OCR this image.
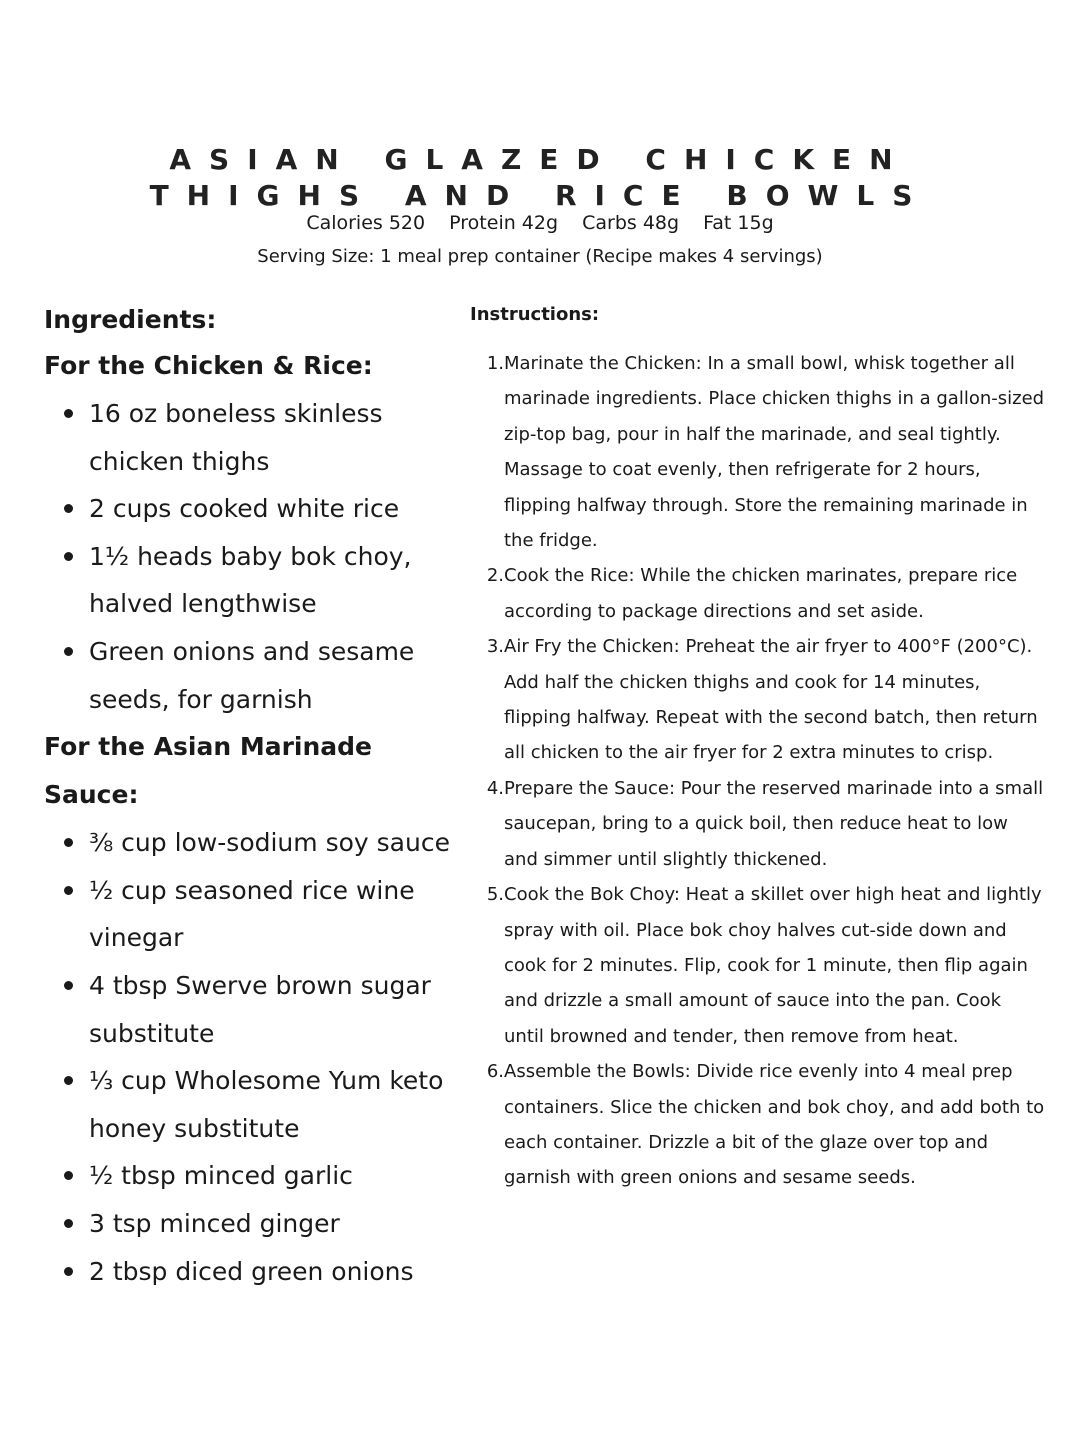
ASIAN GLAZED CHICKEN
THIGHS AND RICE BOWLS
Calories 520 Protein 42g Carbs 48g Fat 15g
Serving Size: 1 meal prep container (Recipe makes 4 servings)

Ingredients:

For the Chicken & Rice:

16 oz boneless skinless chicken thighs
2 cups cooked white rice
1½ heads baby bok choy, halved lengthwise
Green onions and sesame seeds, for garnish

For the Asian Marinade Sauce:

⅜ cup low-sodium soy sauce
½ cup seasoned rice wine vinegar
4 tbsp Swerve brown sugar substitute
⅓ cup Wholesome Yum keto honey substitute
½ tbsp minced garlic
3 tsp minced ginger
2 tbsp diced green onions

Instructions:

1. Marinate the Chicken: In a small bowl, whisk together all marinade ingredients. Place chicken thighs in a gallon-sized zip-top bag, pour in half the marinade, and seal tightly. Massage to coat evenly, then refrigerate for 2 hours, flipping halfway through. Store the remaining marinade in the fridge.
2. Cook the Rice: While the chicken marinates, prepare rice according to package directions and set aside.
3. Air Fry the Chicken: Preheat the air fryer to 400°F (200°C). Add half the chicken thighs and cook for 14 minutes, flipping halfway. Repeat with the second batch, then return all chicken to the air fryer for 2 extra minutes to crisp.
4. Prepare the Sauce: Pour the reserved marinade into a small saucepan, bring to a quick boil, then reduce heat to low and simmer until slightly thickened.
5. Cook the Bok Choy: Heat a skillet over high heat and lightly spray with oil. Place bok choy halves cut-side down and cook for 2 minutes. Flip, cook for 1 minute, then flip again and drizzle a small amount of sauce into the pan. Cook until browned and tender, then remove from heat.
6. Assemble the Bowls: Divide rice evenly into 4 meal prep containers. Slice the chicken and bok choy, and add both to each container. Drizzle a bit of the glaze over top and garnish with green onions and sesame seeds.
